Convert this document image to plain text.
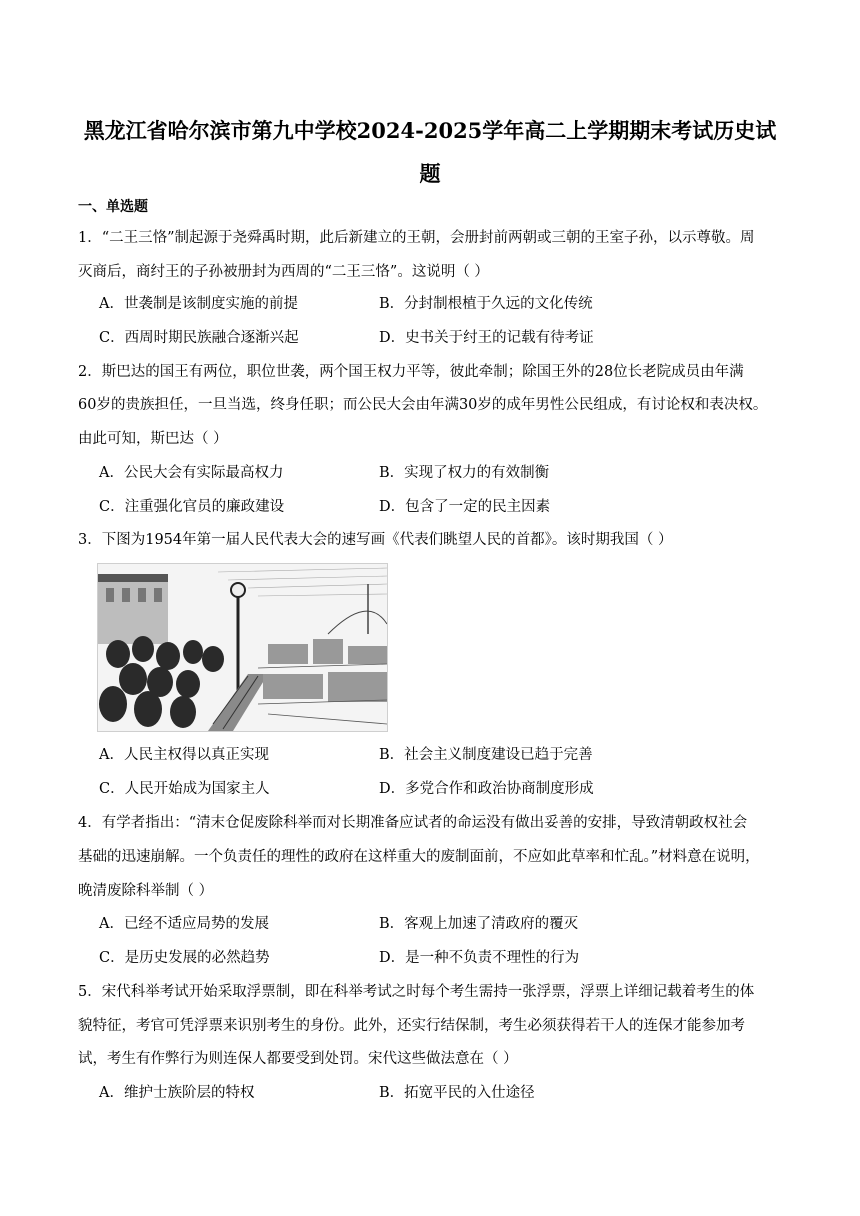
黑龙江省哈尔滨市第九中学校2024-2025学年高二上学期期末考试历史试
题
一、单选题
1．“二王三恪”制起源于尧舜禹时期，此后新建立的王朝，会册封前两朝或三朝的王室子孙，以示尊敬。周
灭商后，商纣王的子孙被册封为西周的“二王三恪”。这说明（ ）
A．世袭制是该制度实施的前提	B．分封制根植于久远的文化传统
C．西周时期民族融合逐渐兴起	D．史书关于纣王的记载有待考证
2．斯巴达的国王有两位，职位世袭，两个国王权力平等，彼此牵制；除国王外的28位长老院成员由年满
60岁的贵族担任，一旦当选，终身任职；而公民大会由年满30岁的成年男性公民组成，有讨论权和表决权。
由此可知，斯巴达（ ）
A．公民大会有实际最高权力	B．实现了权力的有效制衡
C．注重强化官员的廉政建设	D．包含了一定的民主因素
3．下图为1954年第一届人民代表大会的速写画《代表们眺望人民的首都》。该时期我国（ ）
A．人民主权得以真正实现	B．社会主义制度建设已趋于完善
C．人民开始成为国家主人	D．多党合作和政治协商制度形成
4．有学者指出：“清末仓促废除科举而对长期准备应试者的命运没有做出妥善的安排，导致清朝政权社会
基础的迅速崩解。一个负责任的理性的政府在这样重大的废制面前，不应如此草率和忙乱。”材料意在说明，
晚清废除科举制（ ）
A．已经不适应局势的发展	B．客观上加速了清政府的覆灭
C．是历史发展的必然趋势	D．是一种不负责不理性的行为
5．宋代科举考试开始采取浮票制，即在科举考试之时每个考生需持一张浮票，浮票上详细记载着考生的体
貌特征，考官可凭浮票来识别考生的身份。此外，还实行结保制，考生必须获得若干人的连保才能参加考
试，考生有作弊行为则连保人都要受到处罚。宋代这些做法意在（ ）
A．维护士族阶层的特权	B．拓宽平民的入仕途径
